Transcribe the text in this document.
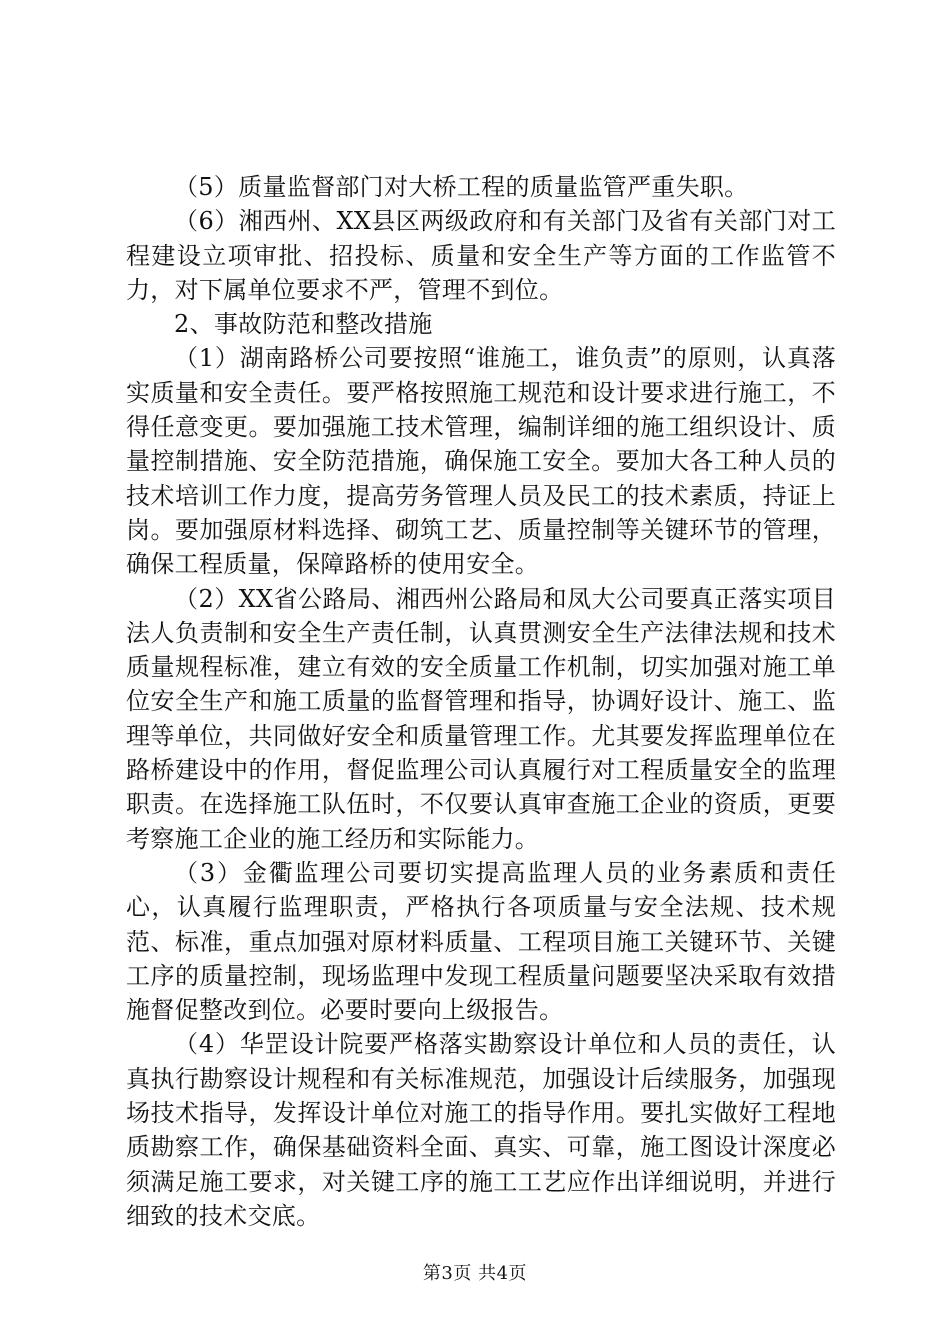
（5）质量监督部门对大桥工程的质量监管严重失职。

（6）湘西州、XX县区两级政府和有关部门及省有关部门对工程建设立项审批、招投标、质量和安全生产等方面的工作监管不力，对下属单位要求不严，管理不到位。

2、事故防范和整改措施

（1）湖南路桥公司要按照“谁施工，谁负责”的原则，认真落实质量和安全责任。要严格按照施工规范和设计要求进行施工，不得任意变更。要加强施工技术管理，编制详细的施工组织设计、质量控制措施、安全防范措施，确保施工安全。要加大各工种人员的技术培训工作力度，提高劳务管理人员及民工的技术素质，持证上岗。要加强原材料选择、砌筑工艺、质量控制等关键环节的管理，确保工程质量，保障路桥的使用安全。

（2）XX省公路局、湘西州公路局和凤大公司要真正落实项目法人负责制和安全生产责任制，认真贯测安全生产法律法规和技术质量规程标准，建立有效的安全质量工作机制，切实加强对施工单位安全生产和施工质量的监督管理和指导，协调好设计、施工、监理等单位，共同做好安全和质量管理工作。尤其要发挥监理单位在路桥建设中的作用，督促监理公司认真履行对工程质量安全的监理职责。在选择施工队伍时，不仅要认真审查施工企业的资质，更要考察施工企业的施工经历和实际能力。

（3）金衢监理公司要切实提高监理人员的业务素质和责任心，认真履行监理职责，严格执行各项质量与安全法规、技术规范、标准，重点加强对原材料质量、工程项目施工关键环节、关键工序的质量控制，现场监理中发现工程质量问题要坚决采取有效措施督促整改到位。必要时要向上级报告。

（4）华罡设计院要严格落实勘察设计单位和人员的责任，认真执行勘察设计规程和有关标准规范，加强设计后续服务，加强现场技术指导，发挥设计单位对施工的指导作用。要扎实做好工程地质勘察工作，确保基础资料全面、真实、可靠，施工图设计深度必须满足施工要求，对关键工序的施工工艺应作出详细说明，并进行细致的技术交底。

第3页 共4页
